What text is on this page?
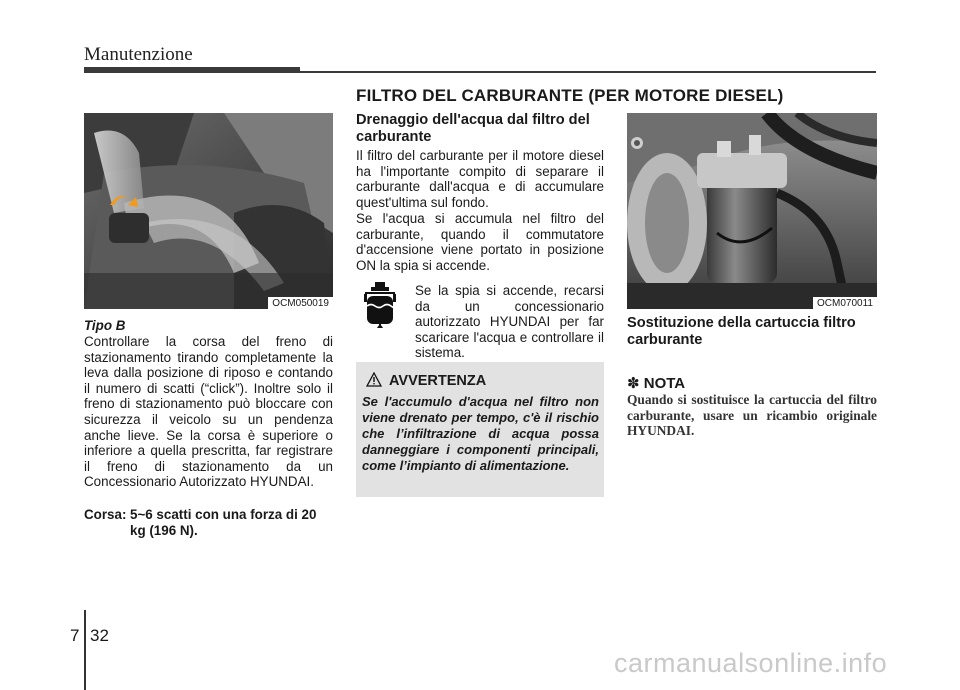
Manutenzione
FILTRO DEL CARBURANTE (PER MOTORE DIESEL)
OCM050019
Tipo B
Controllare la corsa del freno di stazionamento tirando completamente la leva dalla posizione di riposo e contando il numero di scatti (“click”). Inoltre solo il freno di stazionamento può bloccare con sicurezza il veicolo su un pendenza anche lieve. Se la corsa è superiore o inferiore a quella prescritta, far registrare il freno di stazionamento da un Concessionario Autorizzato HYUNDAI.
Corsa: 5~6 scatti con una forza di 20
kg (196 N).
Drenaggio dell'acqua dal filtro del carburante
Il filtro del carburante per il motore diesel ha l'importante compito di separare il carburante dall'acqua e di accumulare quest'ultima sul fondo.
Se l'acqua si accumula nel filtro del carburante, quando il commutatore d'accensione viene portato in posizione ON la spia si accende.
Se la spia si accende, recarsi da un concessionario autorizzato HYUNDAI per far scaricare l'acqua e controllare il sistema.
AVVERTENZA
Se l'accumulo d'acqua nel filtro non viene drenato per tempo, c'è il rischio che l’infiltrazione di acqua possa danneggiare i componenti principali, come l’impianto di alimentazione.
OCM070011
Sostituzione della cartuccia filtro carburante
✽ NOTA
Quando si sostituisce la cartuccia del filtro carburante, usare un ricambio originale HYUNDAI.
7 32
carmanualsonline.info
